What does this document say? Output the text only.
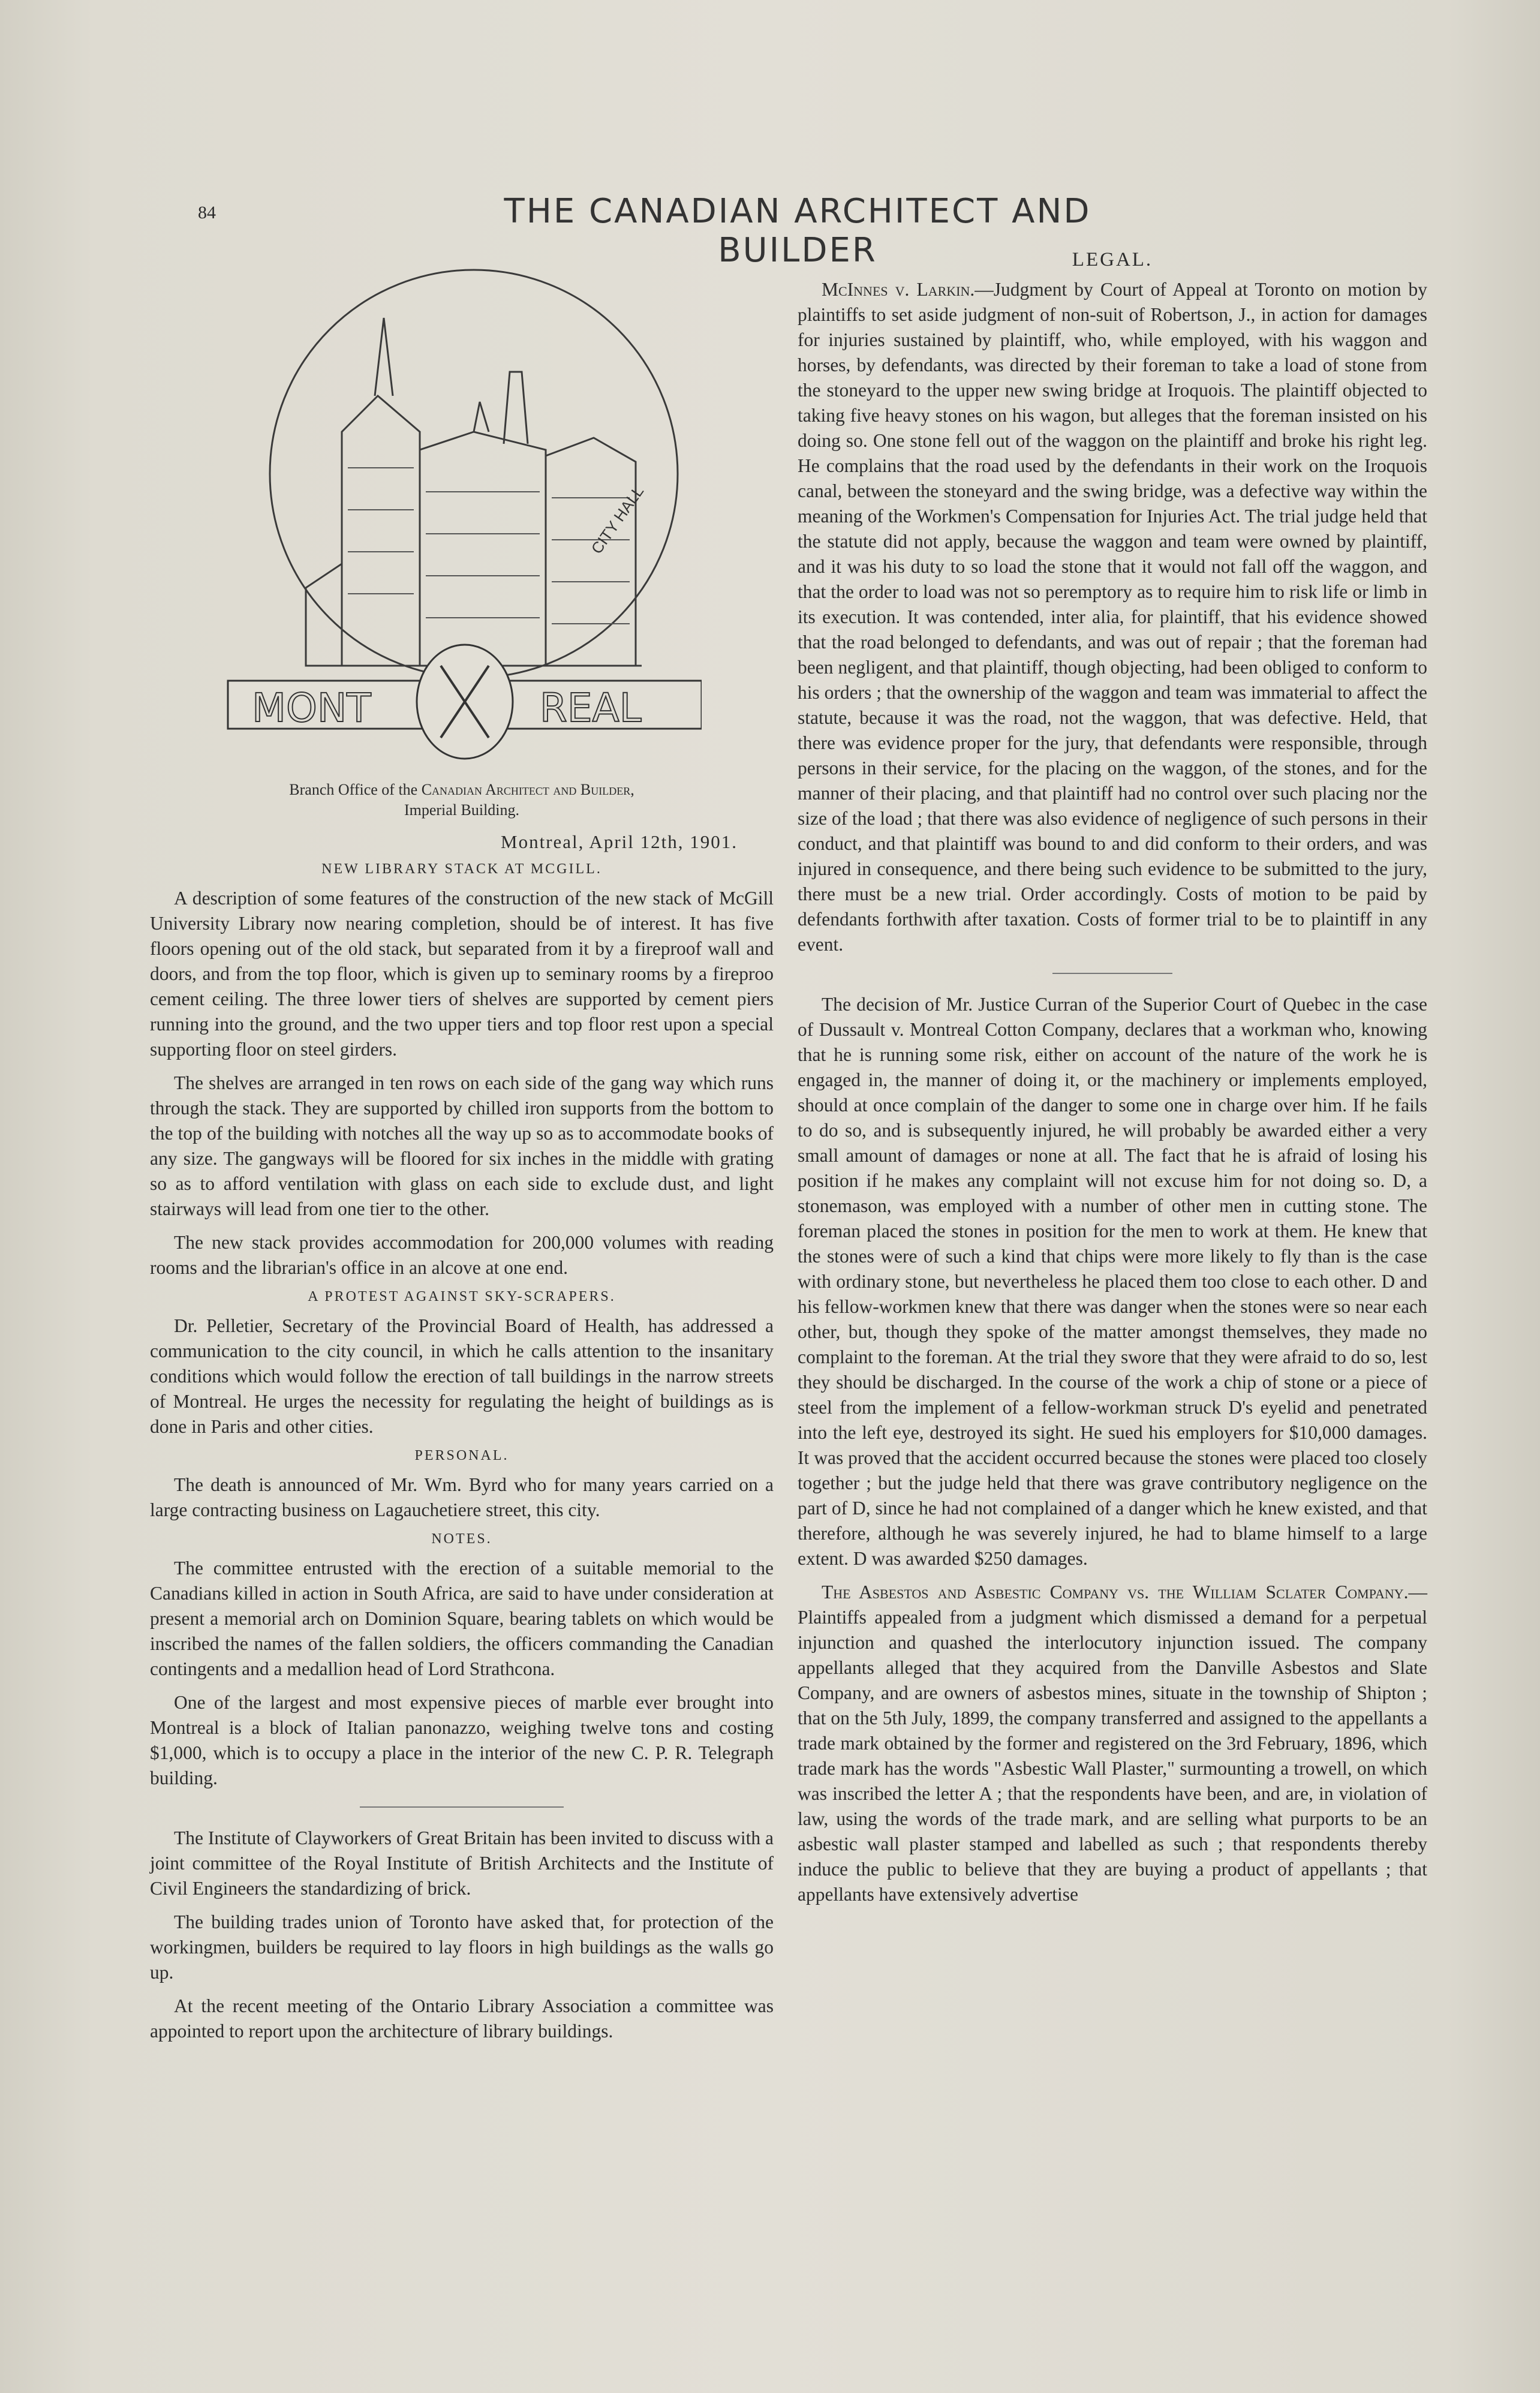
84	THE CANADIAN ARCHITECT AND BUILDER
CITY HALL
MONT	REAL

Branch Office of the Canadian Architect and Builder,

Imperial Building.

Montreal, April 12th, 1901.
NEW LIBRARY STACK AT MCGILL.

A description of some features of the construction of the new stack of McGill University Library now nearing completion, should be of interest. It has five floors opening out of the old stack, but separated from it by a fireproof wall and doors, and from the top floor, which is given up to seminary rooms by a fireproo cement ceiling. The three lower tiers of shelves are supported by cement piers running into the ground, and the two upper tiers and top floor rest upon a special supporting floor on steel girders.

The shelves are arranged in ten rows on each side of the gang way which runs through the stack. They are supported by chilled iron supports from the bottom to the top of the building with notches all the way up so as to accommodate books of any size. The gangways will be floored for six inches in the middle with grating so as to afford ventilation with glass on each side to exclude dust, and light stairways will lead from one tier to the other.

The new stack provides accommodation for 200,000 volumes with reading rooms and the librarian's office in an alcove at one end.

A PROTEST AGAINST SKY-SCRAPERS.

Dr. Pelletier, Secretary of the Provincial Board of Health, has addressed a communication to the city council, in which he calls attention to the insanitary conditions which would follow the erection of tall buildings in the narrow streets of Montreal. He urges the necessity for regulating the height of buildings as is done in Paris and other cities.

PERSONAL.

The death is announced of Mr. Wm. Byrd who for many years carried on a large contracting business on Lagauchetiere street, this city.

NOTES.

The committee entrusted with the erection of a suitable memorial to the Canadians killed in action in South Africa, are said to have under consideration at present a memorial arch on Dominion Square, bearing tablets on which would be inscribed the names of the fallen soldiers, the officers commanding the Canadian contingents and a medallion head of Lord Strathcona.

One of the largest and most expensive pieces of marble ever brought into Montreal is a block of Italian panonazzo, weighing twelve tons and costing $1,000, which is to occupy a place in the interior of the new C. P. R. Telegraph building.

The Institute of Clayworkers of Great Britain has been invited to discuss with a joint committee of the Royal Institute of British Architects and the Institute of Civil Engineers the standardizing of brick.

The building trades union of Toronto have asked that, for protection of the workingmen, builders be required to lay floors in high buildings as the walls go up.

At the recent meeting of the Ontario Library Association a committee was appointed to report upon the architecture of library buildings.

LEGAL.

McInnes v. Larkin.—Judgment by Court of Appeal at Toronto on motion by plaintiffs to set aside judgment of non-suit of Robertson, J., in action for damages for injuries sustained by plaintiff, who, while employed, with his waggon and horses, by defendants, was directed by their foreman to take a load of stone from the stoneyard to the upper new swing bridge at Iroquois. The plaintiff objected to taking five heavy stones on his wagon, but alleges that the foreman insisted on his doing so. One stone fell out of the waggon on the plaintiff and broke his right leg. He complains that the road used by the defendants in their work on the Iroquois canal, between the stoneyard and the swing bridge, was a defective way within the meaning of the Workmen's Compensation for Injuries Act. The trial judge held that the statute did not apply, because the waggon and team were owned by plaintiff, and it was his duty to so load the stone that it would not fall off the waggon, and that the order to load was not so peremptory as to require him to risk life or limb in its execution. It was contended, inter alia, for plaintiff, that his evidence showed that the road belonged to defendants, and was out of repair ; that the foreman had been negligent, and that plaintiff, though objecting, had been obliged to conform to his orders ; that the ownership of the waggon and team was immaterial to affect the statute, because it was the road, not the waggon, that was defective. Held, that there was evidence proper for the jury, that defendants were responsible, through persons in their service, for the placing on the waggon, of the stones, and for the manner of their placing, and that plaintiff had no control over such placing nor the size of the load ; that there was also evidence of negligence of such persons in their conduct, and that plaintiff was bound to and did conform to their orders, and was injured in consequence, and there being such evidence to be submitted to the jury, there must be a new trial. Order accordingly. Costs of motion to be paid by defendants forthwith after taxation. Costs of former trial to be to plaintiff in any event.

The decision of Mr. Justice Curran of the Superior Court of Quebec in the case of Dussault v. Montreal Cotton Company, declares that a workman who, knowing that he is running some risk, either on account of the nature of the work he is engaged in, the manner of doing it, or the machinery or implements employed, should at once complain of the danger to some one in charge over him. If he fails to do so, and is subsequently injured, he will probably be awarded either a very small amount of damages or none at all. The fact that he is afraid of losing his position if he makes any complaint will not excuse him for not doing so. D, a stonemason, was employed with a number of other men in cutting stone. The foreman placed the stones in position for the men to work at them. He knew that the stones were of such a kind that chips were more likely to fly than is the case with ordinary stone, but nevertheless he placed them too close to each other. D and his fellow-workmen knew that there was danger when the stones were so near each other, but, though they spoke of the matter amongst themselves, they made no complaint to the foreman. At the trial they swore that they were afraid to do so, lest they should be discharged. In the course of the work a chip of stone or a piece of steel from the implement of a fellow-workman struck D's eyelid and penetrated into the left eye, destroyed its sight. He sued his employers for $10,000 damages. It was proved that the accident occurred because the stones were placed too closely together ; but the judge held that there was grave contributory negligence on the part of D, since he had not complained of a danger which he knew existed, and that therefore, although he was severely injured, he had to blame himself to a large extent. D was awarded $250 damages.

The Asbestos and Asbestic Company vs. the William Sclater Company.—Plaintiffs appealed from a judgment which dismissed a demand for a perpetual injunction and quashed the interlocutory injunction issued. The company appellants alleged that they acquired from the Danville Asbestos and Slate Company, and are owners of asbestos mines, situate in the township of Shipton ; that on the 5th July, 1899, the company transferred and assigned to the appellants a trade mark obtained by the former and registered on the 3rd February, 1896, which trade mark has the words "Asbestic Wall Plaster," surmounting a trowell, on which was inscribed the letter A ; that the respondents have been, and are, in violation of law, using the words of the trade mark, and are selling what purports to be an asbestic wall plaster stamped and labelled as such ; that respondents thereby induce the public to believe that they are buying a product of appellants ; that appellants have extensively advertise
